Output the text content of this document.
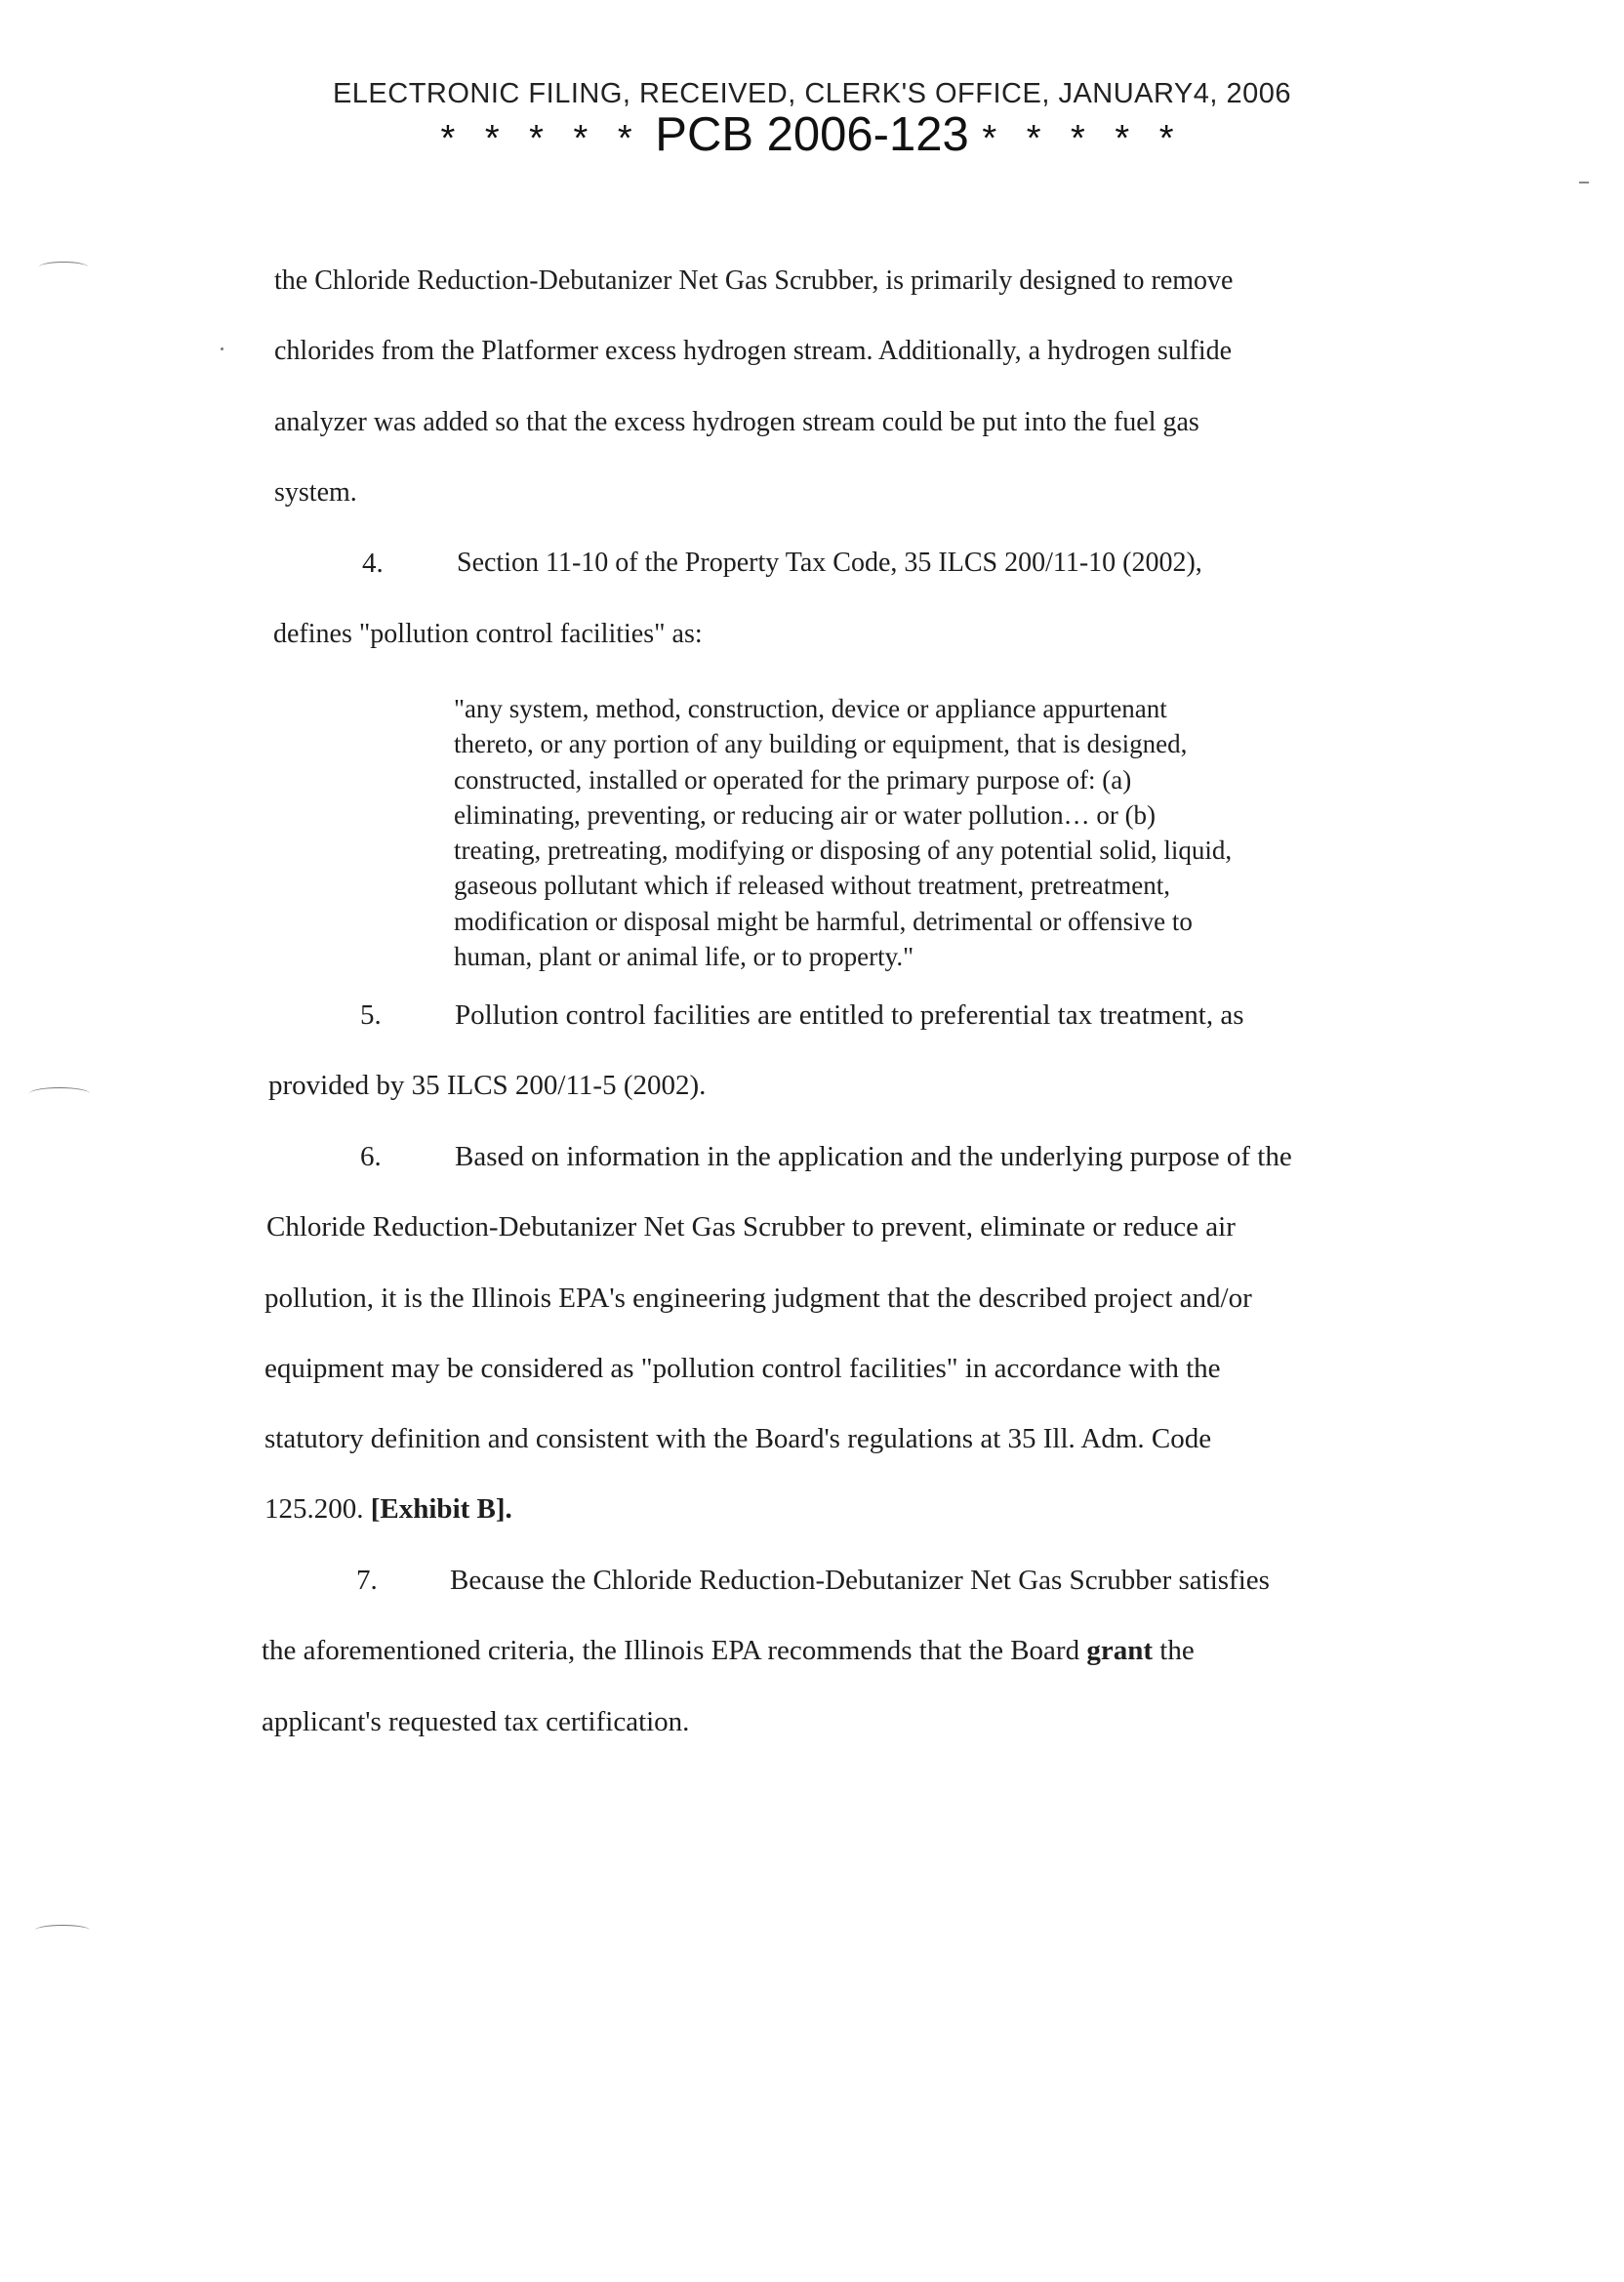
ELECTRONIC FILING, RECEIVED, CLERK'S OFFICE, JANUARY4, 2006
* * * * * PCB 2006-123 * * * * *
the Chloride Reduction-Debutanizer Net Gas Scrubber, is primarily designed to remove
chlorides from the Platformer excess hydrogen stream. Additionally, a hydrogen sulfide
analyzer was added so that the excess hydrogen stream could be put into the fuel gas
system.
4.	Section 11-10 of the Property Tax Code, 35 ILCS 200/11-10 (2002),
defines "pollution control facilities" as:
"any system, method, construction, device or appliance appurtenant
thereto, or any portion of any building or equipment, that is designed,
constructed, installed or operated for the primary purpose of: (a)
eliminating, preventing, or reducing air or water pollution… or (b)
treating, pretreating, modifying or disposing of any potential solid, liquid,
gaseous pollutant which if released without treatment, pretreatment,
modification or disposal might be harmful, detrimental or offensive to
human, plant or animal life, or to property."
5.	Pollution control facilities are entitled to preferential tax treatment, as
provided by 35 ILCS 200/11-5 (2002).
6.	Based on information in the application and the underlying purpose of the
Chloride Reduction-Debutanizer Net Gas Scrubber to prevent, eliminate or reduce air
pollution, it is the Illinois EPA's engineering judgment that the described project and/or
equipment may be considered as "pollution control facilities" in accordance with the
statutory definition and consistent with the Board's regulations at 35 Ill. Adm. Code
125.200. [Exhibit B].
7.	Because the Chloride Reduction-Debutanizer Net Gas Scrubber satisfies
the aforementioned criteria, the Illinois EPA recommends that the Board grant the
applicant's requested tax certification.
